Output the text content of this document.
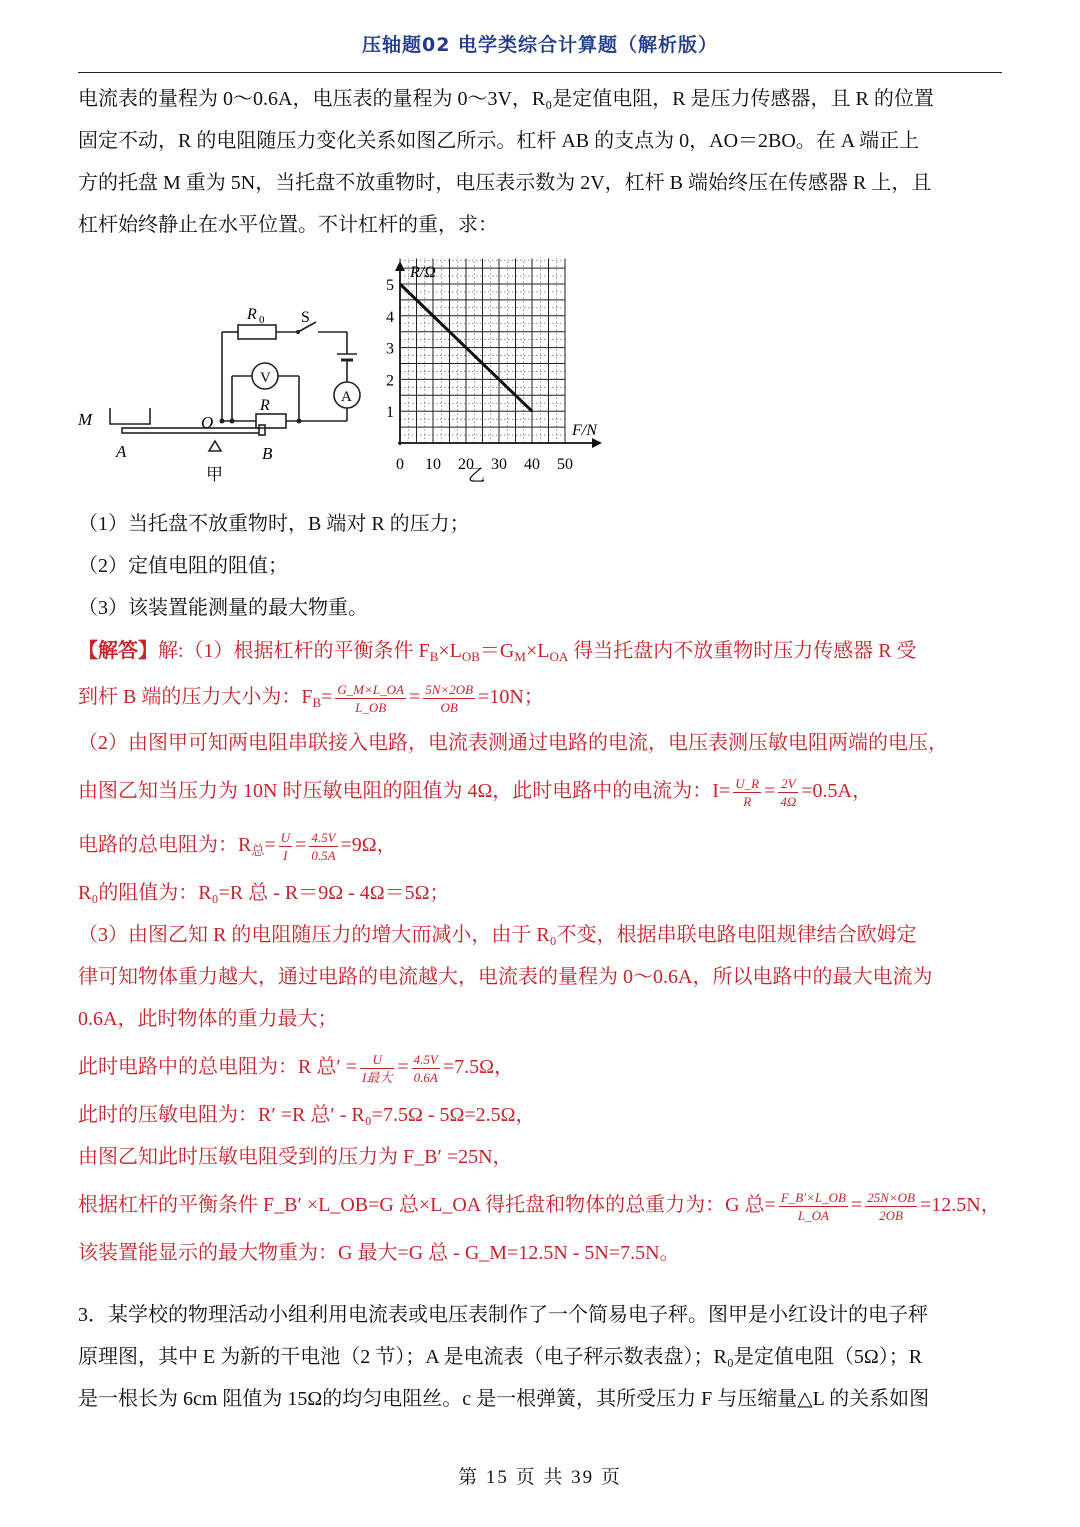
压轴题02 电学类综合计算题（解析版）
电流表的量程为 0～0.6A，电压表的量程为 0～3V，R₀是定值电阻，R 是压力传感器，且 R 的位置
固定不动，R 的电阻随压力变化关系如图乙所示。杠杆 AB 的支点为 0，AO＝2BO。在 A 端正上
方的托盘 M 重为 5N，当托盘不放重物时，电压表示数为 2V，杠杆 B 端始终压在传感器 R 上，且
杠杆始终静止在水平位置。不计杠杆的重，求：
M
A
O
B
R 0 S
V
A
R
甲
0 10 20 30 40 50
1
2
3
4
5
R/Ω
F/N
乙
（1）当托盘不放重物时，B 端对 R 的压力；
（2）定值电阻的阻值；
（3）该装置能测量的最大物重。
【解答】解:（1）根据杠杆的平衡条件 $F_B\times L_{OB}=G_M\times L_{OA}$ 得当托盘内不放重物时压力传感器 R 受
到杆 B 端的压力大小为：$F_B= \frac{G\_M\times L\_OA}{L\_OB} = \frac{5N\times 2OB}{OB} =10N$；
（2）由图甲可知两电阻串联接入电路，电流表测通过电路的电流，电压表测压敏电阻两端的电压，
由图乙知当压力为 10N 时压敏电阻的阻值为 4Ω，此时电路中的电流为：$I= \frac{U\_R}{R} = \frac{2V}{4\Omega} =0.5A$，
电路的总电阻为：$R_总= \frac{U}{I} = \frac{4.5V}{0.5A} =9\Omega$，
R₀的阻值为：R₀=R 总 - R＝9Ω - 4Ω＝5Ω；
（3）由图乙知 R 的电阻随压力的增大而减小，由于 R₀不变，根据串联电路电阻规律结合欧姆定
律可知物体重力越大，通过电路的电流越大，电流表的量程为 0～0.6A，所以电路中的最大电流为
0.6A，此时物体的重力最大；
此时电路中的总电阻为：R 总′ = $\frac{U}{\text{I最大}} = \frac{4.5V}{0.6A} =7.5\Omega$，
此时的压敏电阻为：R′ =R 总′ - R₀=7.5Ω - 5Ω=2.5Ω，
由图乙知此时压敏电阻受到的压力为 F_B′ =25N，
根据杠杆的平衡条件 F_B′ ×L_OB=G 总×L_OA 得托盘和物体的总重力为：G 总= $\frac{F\_B'\times L\_OB}{L\_OA} = \frac{25N\times OB}{2OB} =12.5N$，
该装置能显示的最大物重为：G 最大=G 总 - G_M=12.5N - 5N=7.5N。
3．某学校的物理活动小组利用电流表或电压表制作了一个简易电子秤。图甲是小红设计的电子秤
原理图，其中 E 为新的干电池（2 节）；A 是电流表（电子秤示数表盘）；R₀是定值电阻（5Ω）；R
是一根长为 6cm 阻值为 15Ω的均匀电阻丝。c 是一根弹簧，其所受压力 F 与压缩量△L 的关系如图
第 15 页 共 39 页
